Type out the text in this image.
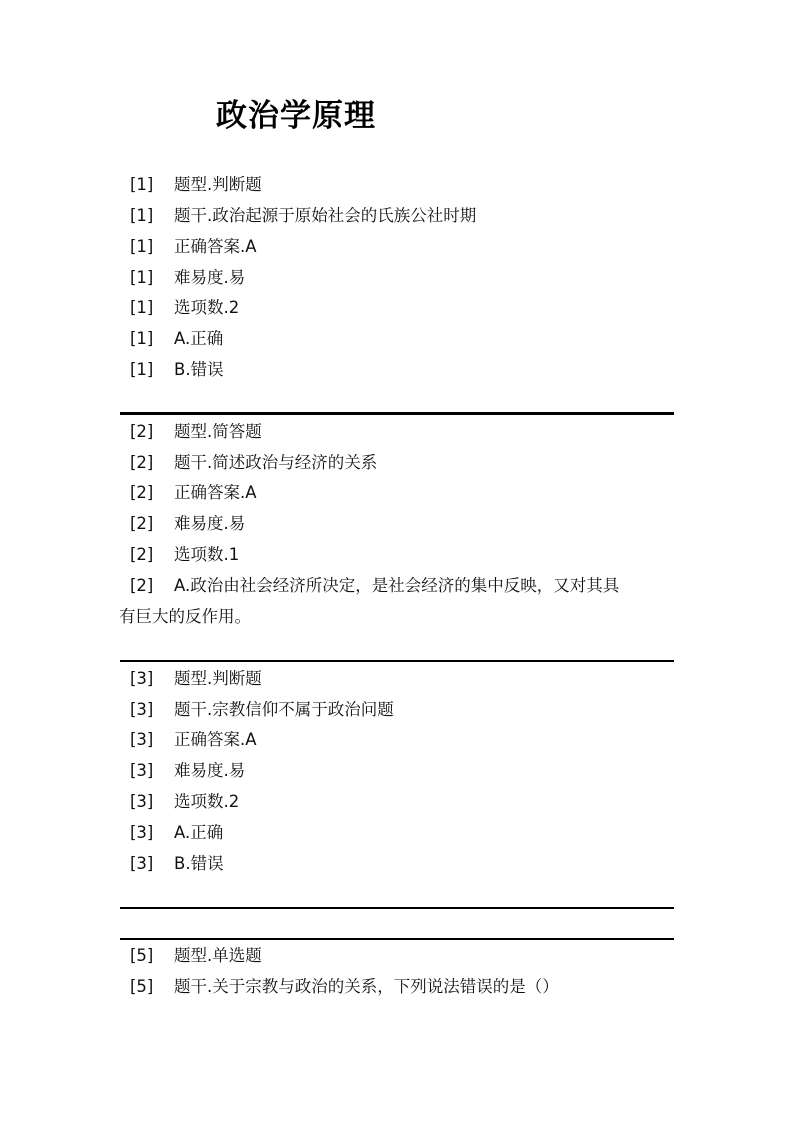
政治学原理
[1]	题型.判断题
[1]	题干.政治起源于原始社会的氏族公社时期
[1]	正确答案.A
[1]	难易度.易
[1]	选项数.2
[1]	A.正确
[1]	B.错误
[2]	题型.简答题
[2]	题干.简述政治与经济的关系
[2]	正确答案.A
[2]	难易度.易
[2]	选项数.1
[2]	A.政治由社会经济所决定，是社会经济的集中反映，又对其具
有巨大的反作用。
[3]	题型.判断题
[3]	题干.宗教信仰不属于政治问题
[3]	正确答案.A
[3]	难易度.易
[3]	选项数.2
[3]	A.正确
[3]	B.错误
[5]	题型.单选题
[5]	题干.关于宗教与政治的关系，下列说法错误的是（）
